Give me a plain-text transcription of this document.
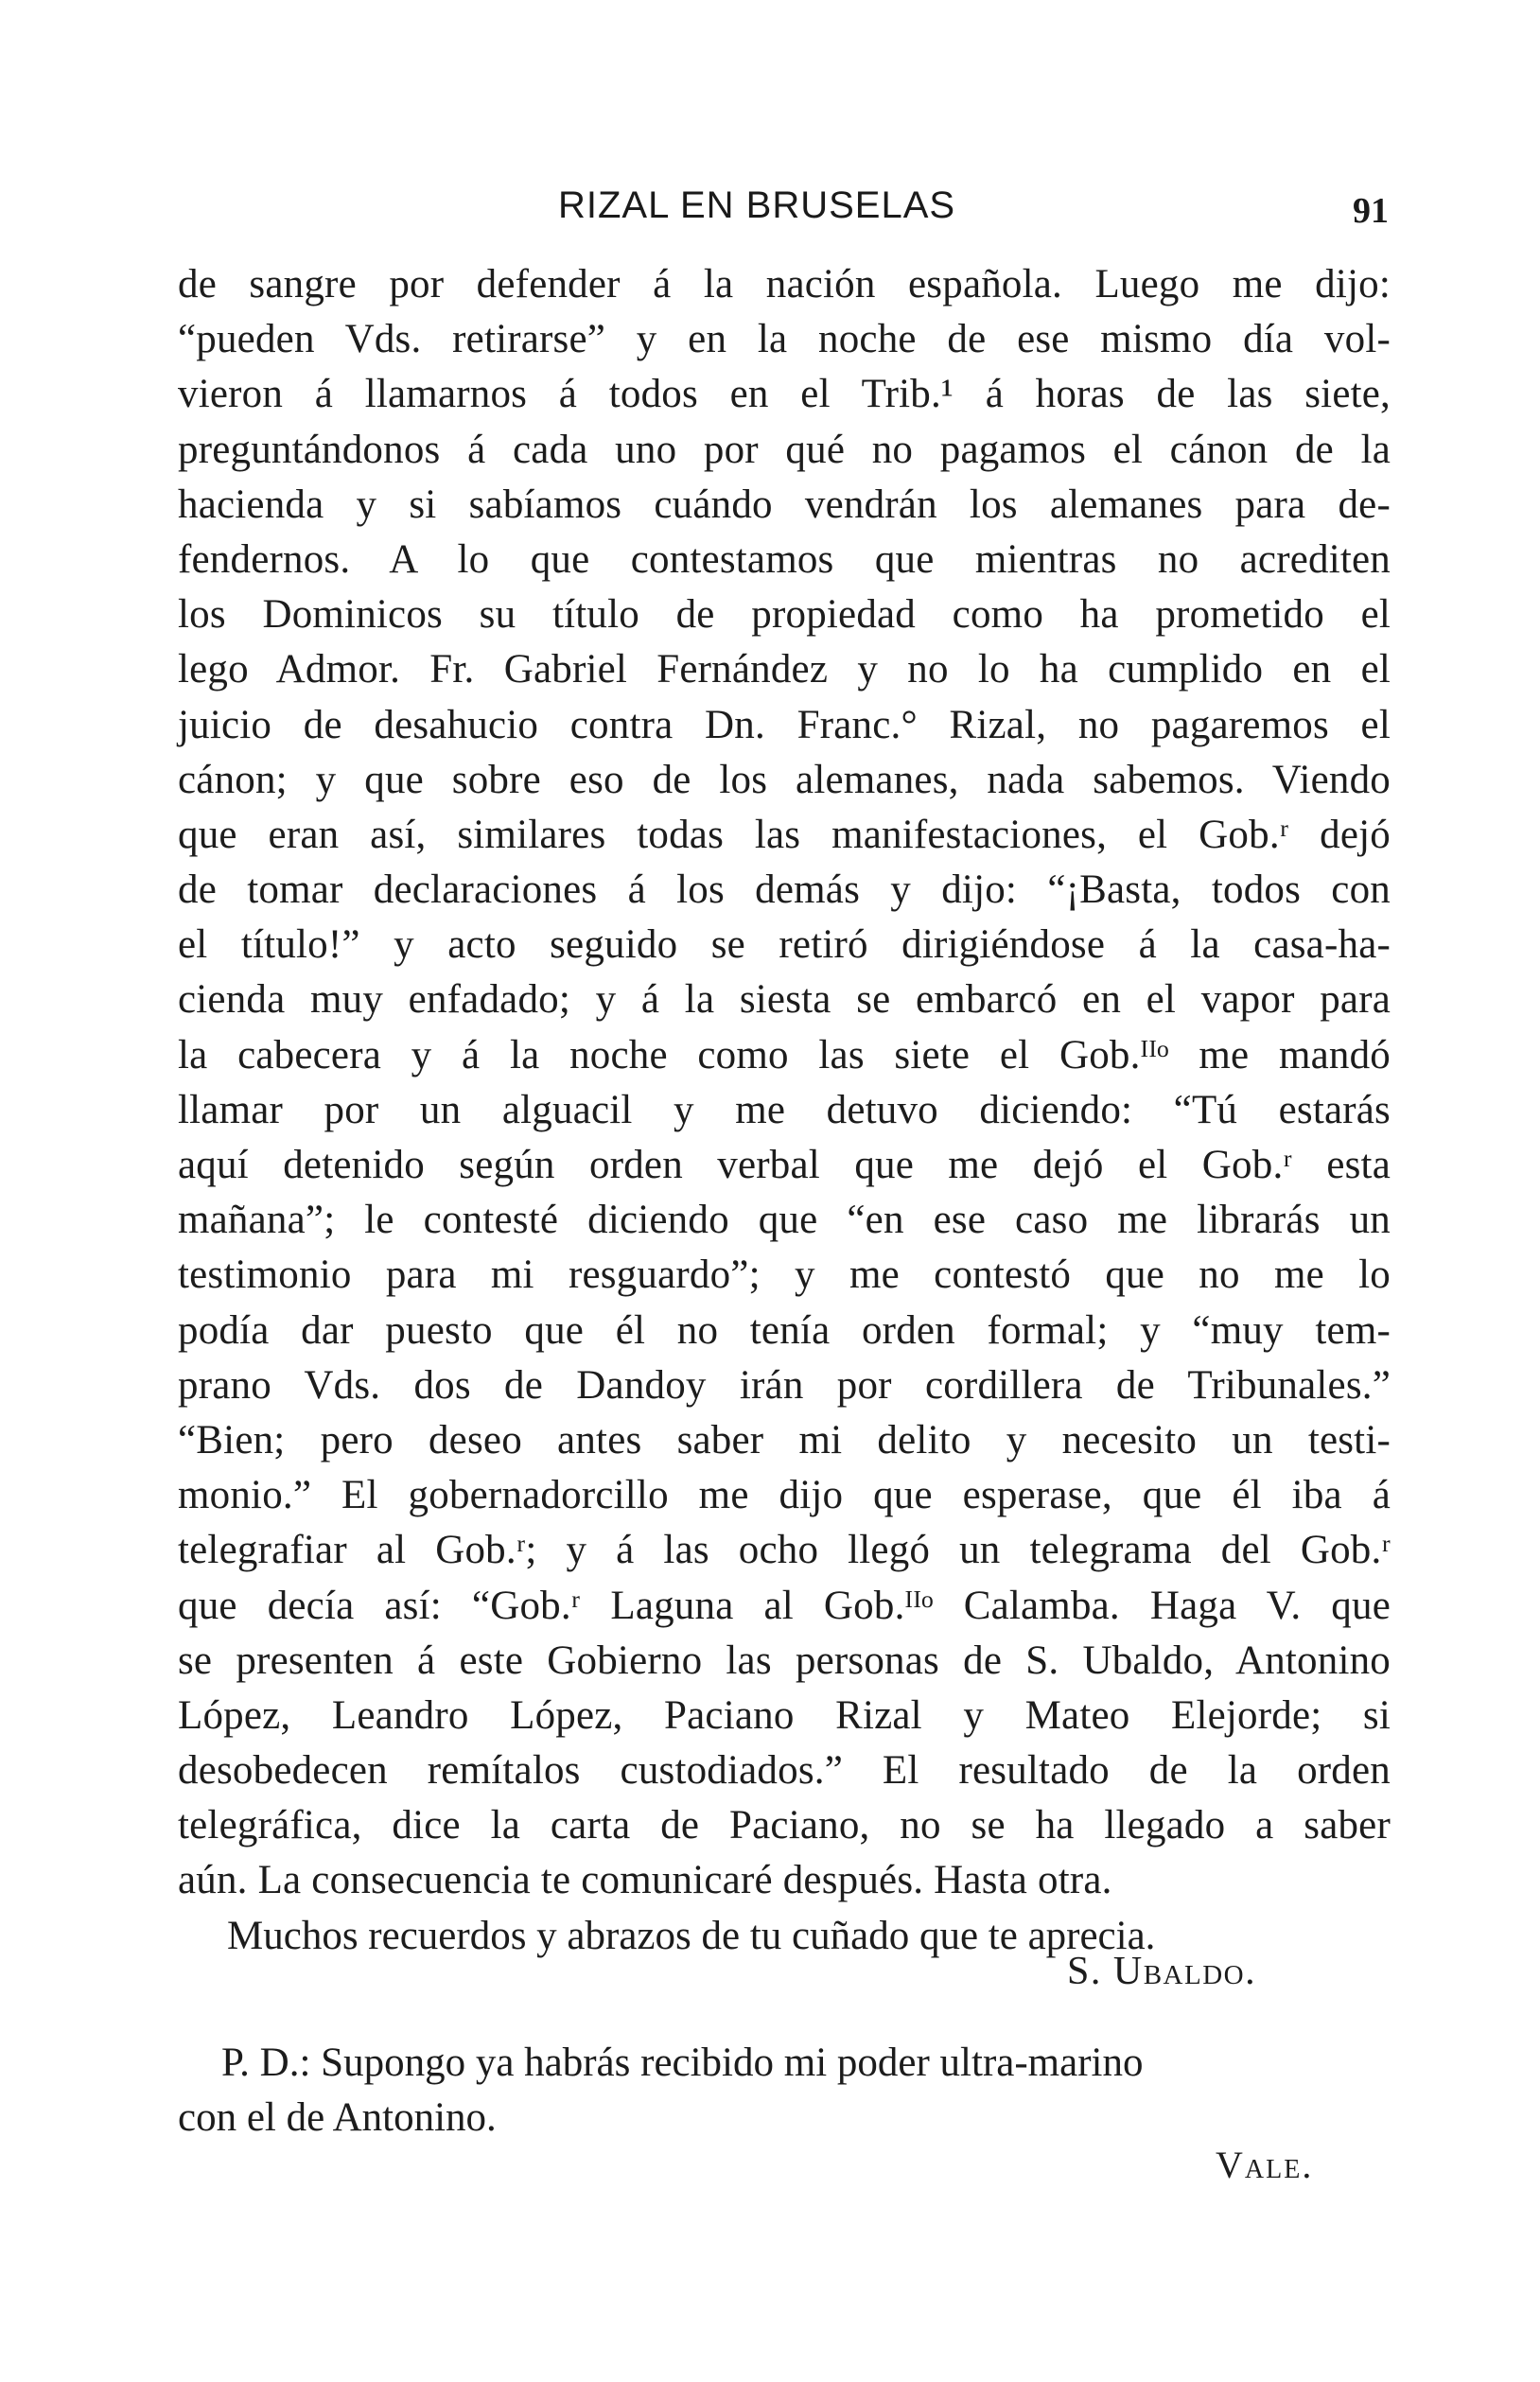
RIZAL EN BRUSELAS	91
de sangre por defender á la nación española. Luego me dijo:
“pueden Vds. retirarse” y en la noche de ese mismo día vol-
vieron á llamarnos á todos en el Trib.¹ á horas de las siete,
preguntándonos á cada uno por qué no pagamos el cánon de la
hacienda y si sabíamos cuándo vendrán los alemanes para de-
fendernos. A lo que contestamos que mientras no acrediten
los Dominicos su título de propiedad como ha prometido el
lego Admor. Fr. Gabriel Fernández y no lo ha cumplido en el
juicio de desahucio contra Dn. Franc.° Rizal, no pagaremos el
cánon; y que sobre eso de los alemanes, nada sabemos. Viendo
que eran así, similares todas las manifestaciones, el Gob.ʳ dejó
de tomar declaraciones á los demás y dijo: “¡Basta, todos con
el título!” y acto seguido se retiró dirigiéndose á la casa-ha-
cienda muy enfadado; y á la siesta se embarcó en el vapor para
la cabecera y á la noche como las siete el Gob.ᴵᴵᵒ me mandó
llamar por un alguacil y me detuvo diciendo: “Tú estarás
aquí detenido según orden verbal que me dejó el Gob.ʳ esta
mañana”; le contesté diciendo que “en ese caso me librarás un
testimonio para mi resguardo”; y me contestó que no me lo
podía dar puesto que él no tenía orden formal; y “muy tem-
prano Vds. dos de Dandoy irán por cordillera de Tribunales.”
“Bien; pero deseo antes saber mi delito y necesito un testi-
monio.” El gobernadorcillo me dijo que esperase, que él iba á
telegrafiar al Gob.ʳ; y á las ocho llegó un telegrama del Gob.ʳ
que decía así: “Gob.ʳ Laguna al Gob.ᴵᴵᵒ Calamba. Haga V. que
se presenten á este Gobierno las personas de S. Ubaldo, Antonino
López, Leandro López, Paciano Rizal y Mateo Elejorde; si
desobedecen remítalos custodiados.” El resultado de la orden
telegráfica, dice la carta de Paciano, no se ha llegado a saber
aún. La consecuencia te comunicaré después. Hasta otra.
Muchos recuerdos y abrazos de tu cuñado que te aprecia.
S. Ubaldo.
P. D.: Supongo ya habrás recibido mi poder ultra-marino
con el de Antonino.
Vale.
